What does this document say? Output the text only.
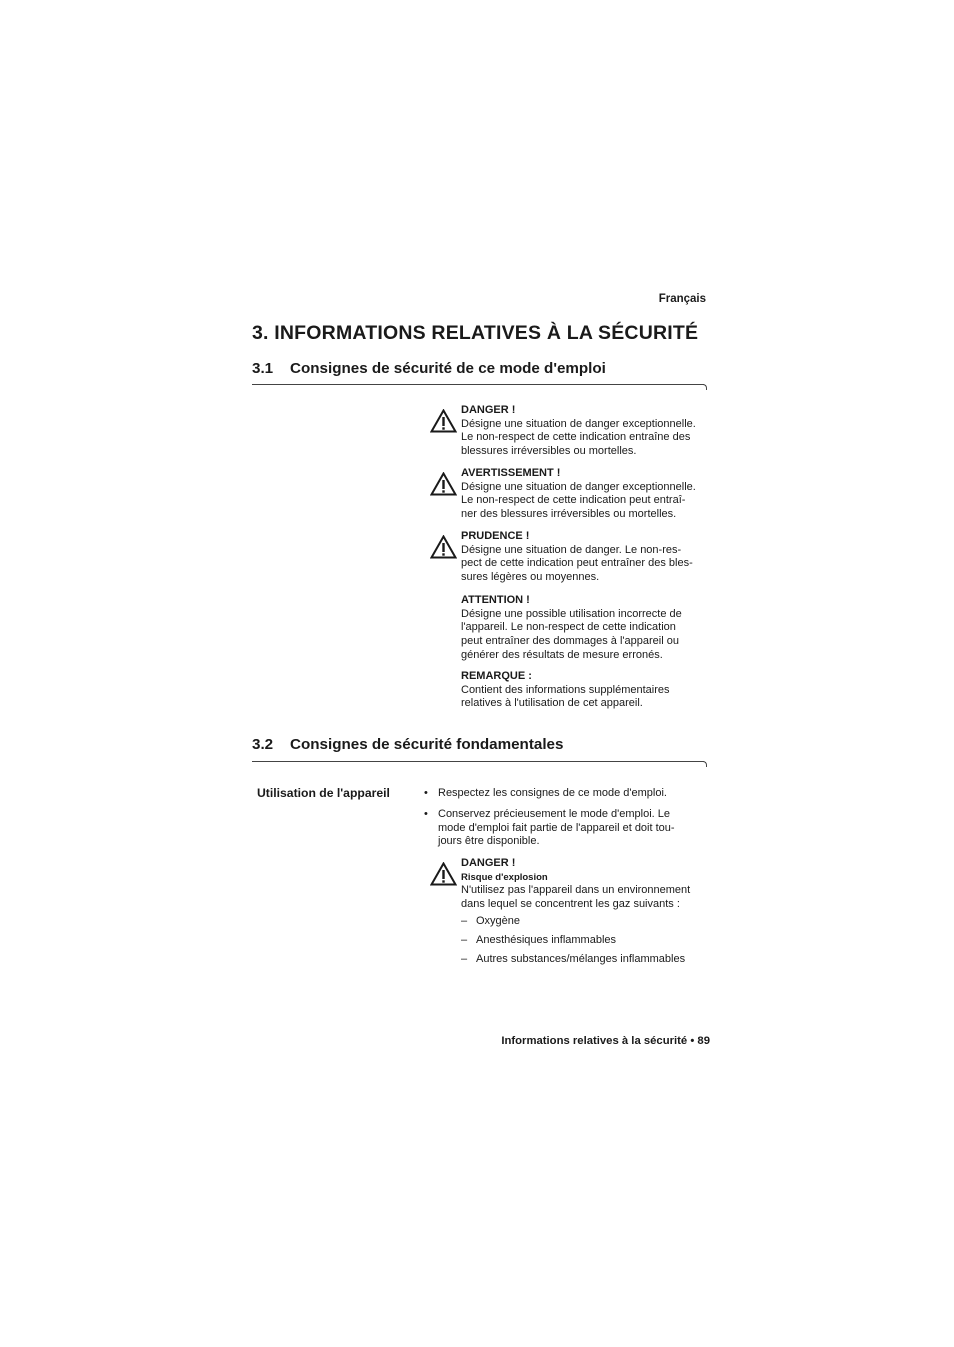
Français
3. INFORMATIONS RELATIVES À LA SÉCURITÉ
3.1 Consignes de sécurité de ce mode d'emploi
DANGER !
Désigne une situation de danger exceptionnelle.
Le non-respect de cette indication entraîne des
blessures irréversibles ou mortelles.
AVERTISSEMENT !
Désigne une situation de danger exceptionnelle.
Le non-respect de cette indication peut entraî-
ner des blessures irréversibles ou mortelles.
PRUDENCE !
Désigne une situation de danger. Le non-res-
pect de cette indication peut entraîner des bles-
sures légères ou moyennes.
ATTENTION !
Désigne une possible utilisation incorrecte de
l'appareil. Le non-respect de cette indication
peut entraîner des dommages à l'appareil ou
générer des résultats de mesure erronés.
REMARQUE :
Contient des informations supplémentaires
relatives à l'utilisation de cet appareil.
3.2 Consignes de sécurité fondamentales
Utilisation de l'appareil	• Respectez les consignes de ce mode d'emploi.
• Conservez précieusement le mode d'emploi. Le
mode d'emploi fait partie de l'appareil et doit tou-
jours être disponible.
DANGER !
Risque d'explosion
N'utilisez pas l'appareil dans un environnement
dans lequel se concentrent les gaz suivants :
– Oxygène
– Anesthésiques inflammables
– Autres substances/mélanges inflammables
Informations relatives à la sécurité • 89
